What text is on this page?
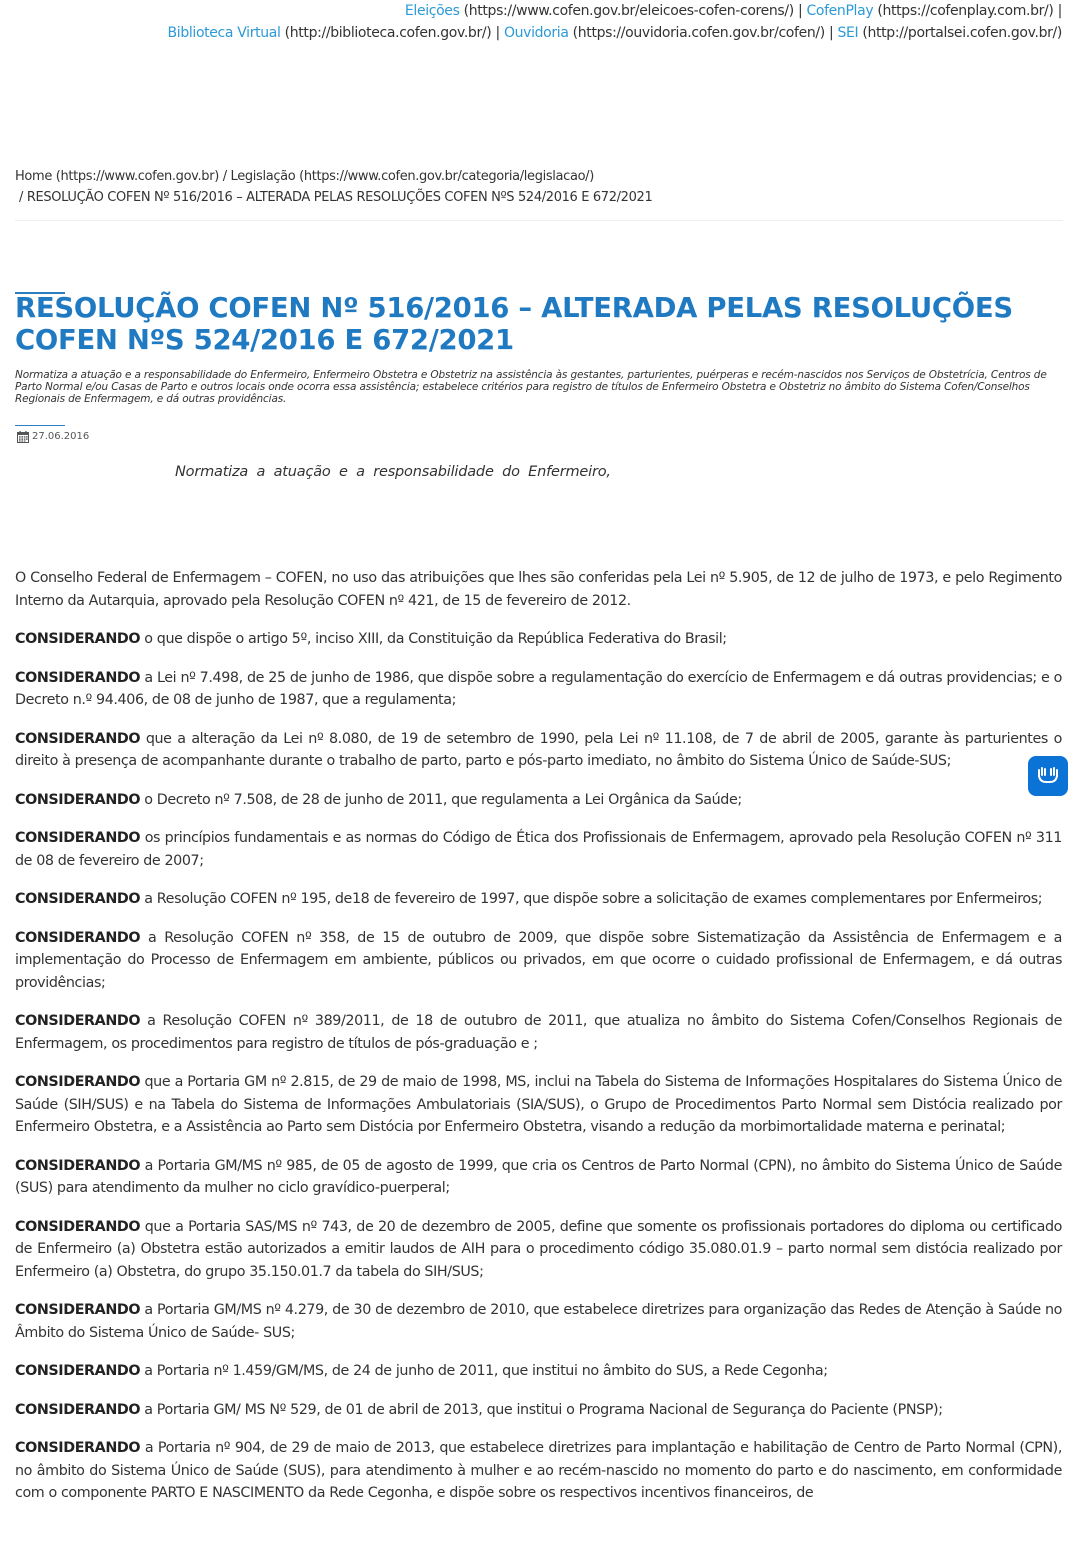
Eleições (https://www.cofen.gov.br/eleicoes-cofen-corens/) | CofenPlay (https://cofenplay.com.br/) |
Biblioteca Virtual (http://biblioteca.cofen.gov.br/) | Ouvidoria (https://ouvidoria.cofen.gov.br/cofen/) | SEI (http://portalsei.cofen.gov.br/)
Home (https://www.cofen.gov.br) / Legislação (https://www.cofen.gov.br/categoria/legislacao/)
/ RESOLUÇÃO COFEN Nº 516/2016 – ALTERADA PELAS RESOLUÇÕES COFEN NºS 524/2016 E 672/2021
RESOLUÇÃO COFEN Nº 516/2016 – ALTERADA PELAS RESOLUÇÕES COFEN NºS 524/2016 E 672/2021
Normatiza a atuação e a responsabilidade do Enfermeiro, Enfermeiro Obstetra e Obstetriz na assistência às gestantes, parturientes, puérperas e recém-nascidos nos Serviços de Obstetrícia, Centros de Parto Normal e/ou Casas de Parto e outros locais onde ocorra essa assistência; estabelece critérios para registro de títulos de Enfermeiro Obstetra e Obstetriz no âmbito do Sistema Cofen/Conselhos Regionais de Enfermagem, e dá outras providências.
27.06.2016
Normatiza a atuação e a responsabilidade do Enfermeiro,

O Conselho Federal de Enfermagem – COFEN, no uso das atribuições que lhes são conferidas pela Lei nº 5.905, de 12 de julho de 1973, e pelo Regimento Interno da Autarquia, aprovado pela Resolução COFEN nº 421, de 15 de fevereiro de 2012.

CONSIDERANDO o que dispõe o artigo 5º, inciso XIII, da Constituição da República Federativa do Brasil;

CONSIDERANDO a Lei nº 7.498, de 25 de junho de 1986, que dispõe sobre a regulamentação do exercício de Enfermagem e dá outras providencias; e o Decreto n.º 94.406, de 08 de junho de 1987, que a regulamenta;

CONSIDERANDO que a alteração da Lei nº 8.080, de 19 de setembro de 1990, pela Lei nº 11.108, de 7 de abril de 2005, garante às parturientes o direito à presença de acompanhante durante o trabalho de parto, parto e pós-parto imediato, no âmbito do Sistema Único de Saúde-SUS;

CONSIDERANDO o Decreto nº 7.508, de 28 de junho de 2011, que regulamenta a Lei Orgânica da Saúde;

CONSIDERANDO os princípios fundamentais e as normas do Código de Ética dos Profissionais de Enfermagem, aprovado pela Resolução COFEN nº 311 de 08 de fevereiro de 2007;

CONSIDERANDO a Resolução COFEN nº 195, de18 de fevereiro de 1997, que dispõe sobre a solicitação de exames complementares por Enfermeiros;

CONSIDERANDO a Resolução COFEN nº 358, de 15 de outubro de 2009, que dispõe sobre Sistematização da Assistência de Enfermagem e a implementação do Processo de Enfermagem em ambiente, públicos ou privados, em que ocorre o cuidado profissional de Enfermagem, e dá outras providências;

CONSIDERANDO a Resolução COFEN nº 389/2011, de 18 de outubro de 2011, que atualiza no âmbito do Sistema Cofen/Conselhos Regionais de Enfermagem, os procedimentos para registro de títulos de pós-graduação e ;

CONSIDERANDO que a Portaria GM nº 2.815, de 29 de maio de 1998, MS, inclui na Tabela do Sistema de Informações Hospitalares do Sistema Único de Saúde (SIH/SUS) e na Tabela do Sistema de Informações Ambulatoriais (SIA/SUS), o Grupo de Procedimentos Parto Normal sem Distócia realizado por Enfermeiro Obstetra, e a Assistência ao Parto sem Distócia por Enfermeiro Obstetra, visando a redução da morbimortalidade materna e perinatal;

CONSIDERANDO a Portaria GM/MS nº 985, de 05 de agosto de 1999, que cria os Centros de Parto Normal (CPN), no âmbito do Sistema Único de Saúde (SUS) para atendimento da mulher no ciclo gravídico-puerperal;

CONSIDERANDO que a Portaria SAS/MS nº 743, de 20 de dezembro de 2005, define que somente os profissionais portadores do diploma ou certificado de Enfermeiro (a) Obstetra estão autorizados a emitir laudos de AIH para o procedimento código 35.080.01.9 – parto normal sem distócia realizado por Enfermeiro (a) Obstetra, do grupo 35.150.01.7 da tabela do SIH/SUS;

CONSIDERANDO a Portaria GM/MS nº 4.279, de 30 de dezembro de 2010, que estabelece diretrizes para organização das Redes de Atenção à Saúde no Âmbito do Sistema Único de Saúde- SUS;

CONSIDERANDO a Portaria nº 1.459/GM/MS, de 24 de junho de 2011, que institui no âmbito do SUS, a Rede Cegonha;

CONSIDERANDO a Portaria GM/ MS Nº 529, de 01 de abril de 2013, que institui o Programa Nacional de Segurança do Paciente (PNSP);

CONSIDERANDO a Portaria nº 904, de 29 de maio de 2013, que estabelece diretrizes para implantação e habilitação de Centro de Parto Normal (CPN), no âmbito do Sistema Único de Saúde (SUS), para atendimento à mulher e ao recém-nascido no momento do parto e do nascimento, em conformidade com o componente PARTO E NASCIMENTO da Rede Cegonha, e dispõe sobre os respectivos incentivos financeiros, de
